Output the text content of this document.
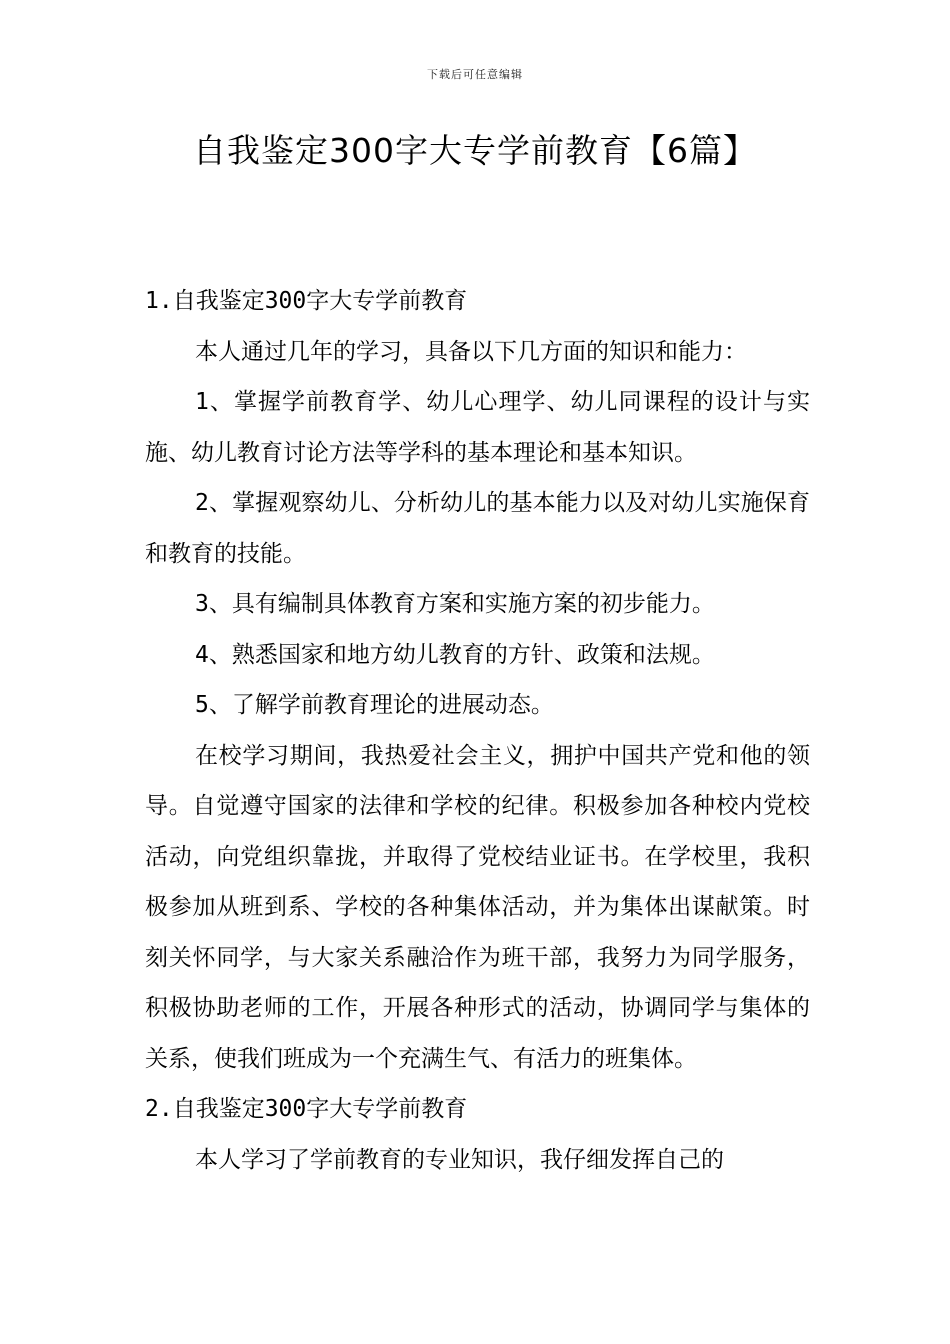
下载后可任意编辑
自我鉴定300字大专学前教育【6篇】

1.自我鉴定300字大专学前教育

本人通过几年的学习，具备以下几方面的知识和能力：

1、掌握学前教育学、幼儿心理学、幼儿同课程的设计与实施、幼儿教育讨论方法等学科的基本理论和基本知识。

2、掌握观察幼儿、分析幼儿的基本能力以及对幼儿实施保育和教育的技能。

3、具有编制具体教育方案和实施方案的初步能力。

4、熟悉国家和地方幼儿教育的方针、政策和法规。

5、了解学前教育理论的进展动态。

在校学习期间，我热爱社会主义，拥护中国共产党和他的领导。自觉遵守国家的法律和学校的纪律。积极参加各种校内党校活动，向党组织靠拢，并取得了党校结业证书。在学校里，我积极参加从班到系、学校的各种集体活动，并为集体出谋献策。时刻关怀同学，与大家关系融洽作为班干部，我努力为同学服务，积极协助老师的工作，开展各种形式的活动，协调同学与集体的关系，使我们班成为一个充满生气、有活力的班集体。

2.自我鉴定300字大专学前教育

本人学习了学前教育的专业知识，我仔细发挥自己的
